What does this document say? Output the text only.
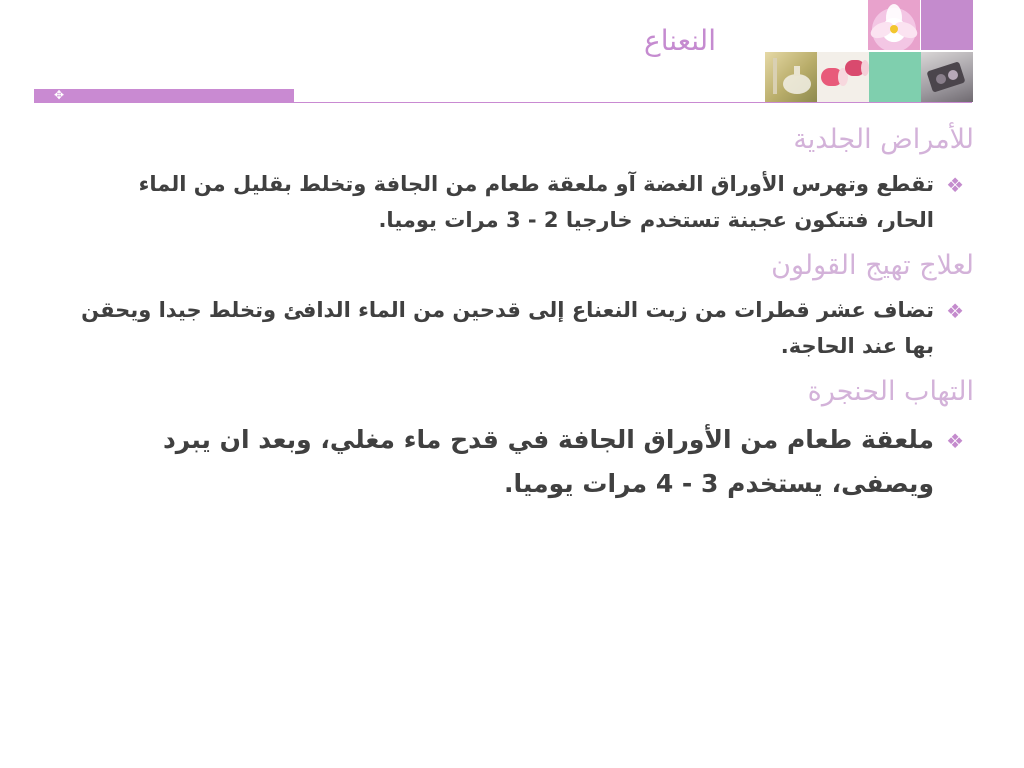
النعناع
✥
للأمراض الجلدية
❖
تقطع وتهرس الأوراق الغضة آو ملعقة طعام من الجافة وتخلط بقليل من الماء الحار، فتتكون عجينة تستخدم خارجيا 2 - 3 مرات يوميا.
لعلاج تهيج القولون
❖
تضاف عشر قطرات من زيت النعناع إلى قدحين من الماء الدافئ وتخلط جيدا ويحقن بها عند الحاجة.
التهاب الحنجرة
❖
ملعقة طعام من الأوراق الجافة في قدح ماء مغلي، وبعد ان يبرد ويصفى، يستخدم 3 - 4 مرات يوميا.
